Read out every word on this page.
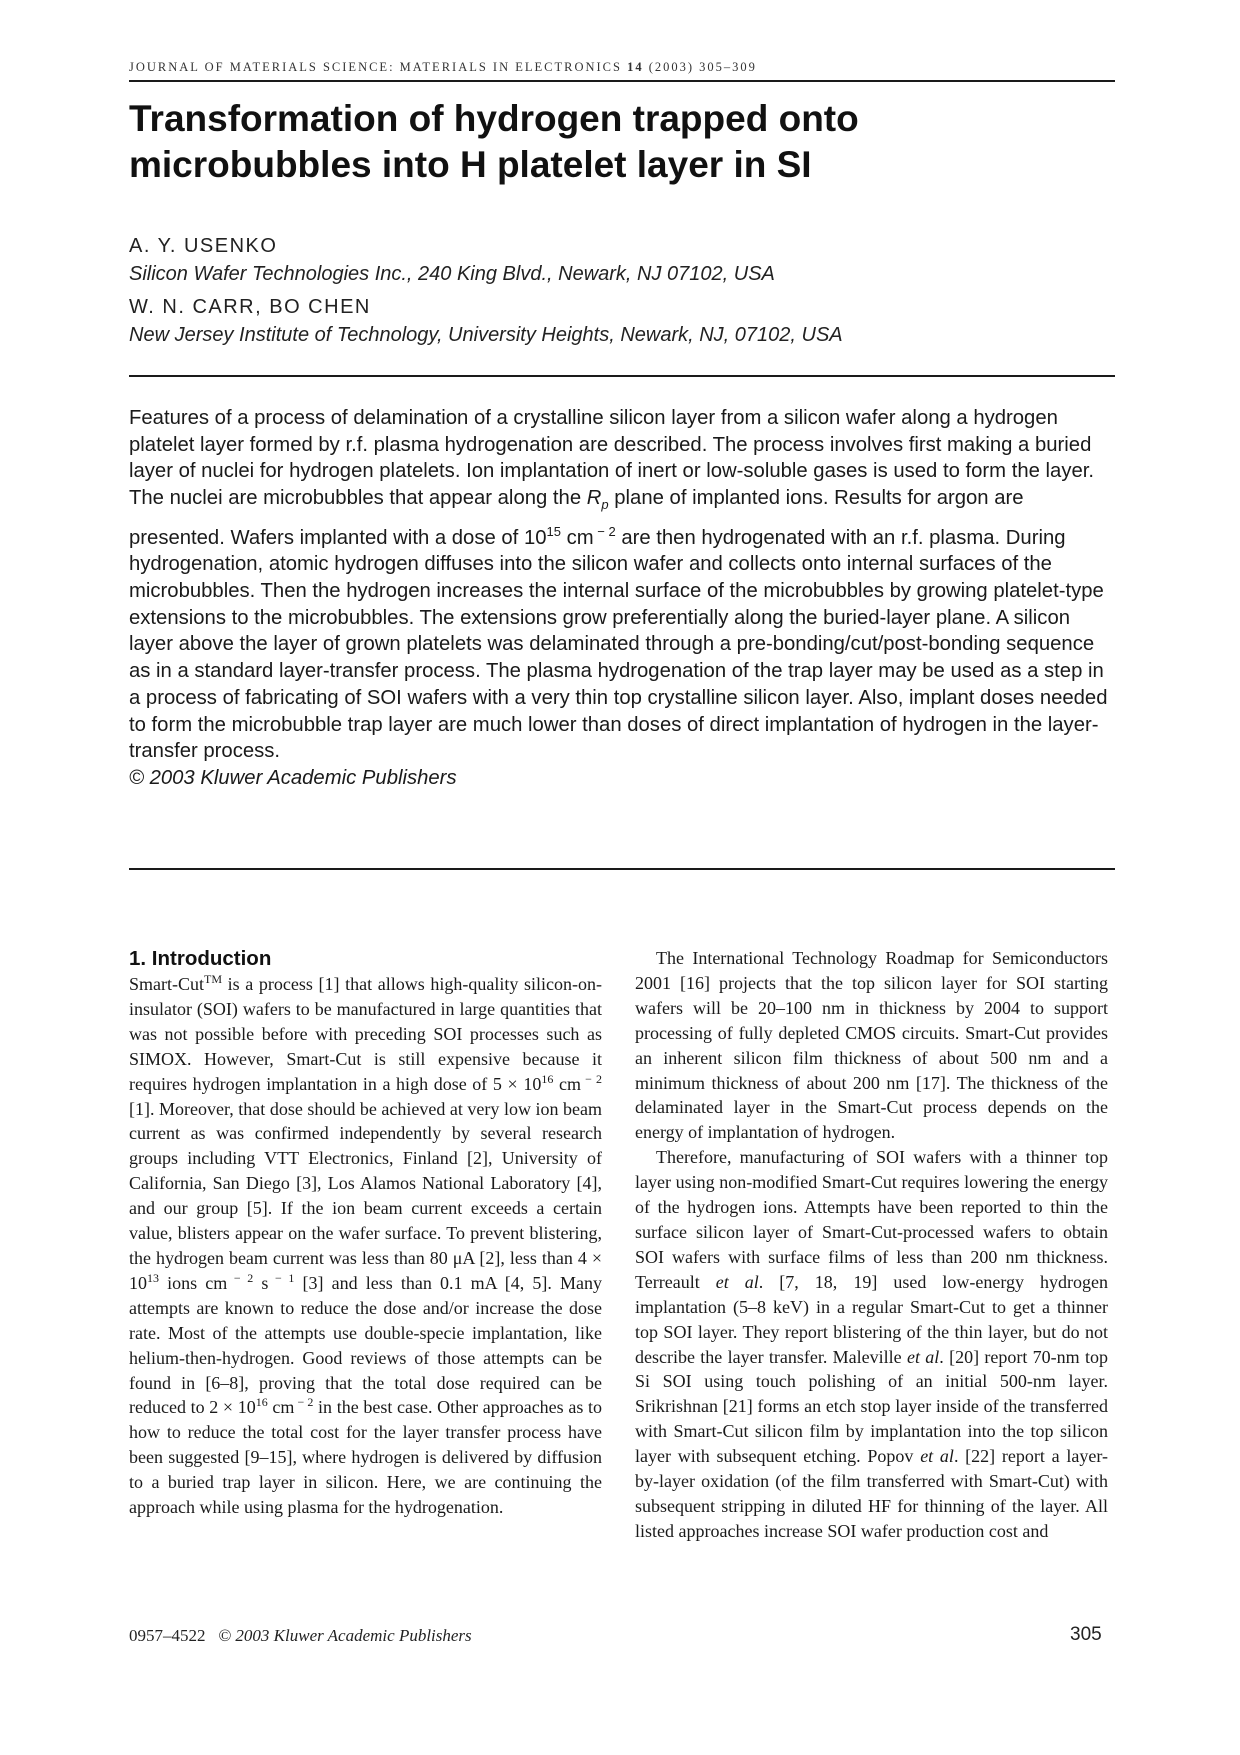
JOURNAL OF MATERIALS SCIENCE: MATERIALS IN ELECTRONICS 14 (2003) 305–309
Transformation of hydrogen trapped onto
microbubbles into H platelet layer in SI
A. Y. USENKO
Silicon Wafer Technologies Inc., 240 King Blvd., Newark, NJ 07102, USA
W. N. CARR, BO CHEN
New Jersey Institute of Technology, University Heights, Newark, NJ, 07102, USA
Features of a process of delamination of a crystalline silicon layer from a silicon wafer along a hydrogen platelet layer formed by r.f. plasma hydrogenation are described. The process involves first making a buried layer of nuclei for hydrogen platelets. Ion implantation of inert or low-soluble gases is used to form the layer. The nuclei are microbubbles that appear along the $R_p$ plane of implanted ions. Results for argon are presented. Wafers implanted with a dose of $10^{15}$ cm $^{- 2}$ are then hydrogenated with an r.f. plasma. During hydrogenation, atomic hydrogen diffuses into the silicon wafer and collects onto internal surfaces of the microbubbles. Then the hydrogen increases the internal surface of the microbubbles by growing platelet-type extensions to the microbubbles. The extensions grow preferentially along the buried-layer plane. A silicon layer above the layer of grown platelets was delaminated through a pre-bonding/cut/post-bonding sequence as in a standard layer-transfer process. The plasma hydrogenation of the trap layer may be used as a step in a process of fabricating of SOI wafers with a very thin top crystalline silicon layer. Also, implant doses needed to form the microbubble trap layer are much lower than doses of direct implantation of hydrogen in the layer-transfer process.
© 2003 Kluwer Academic Publishers
1. Introduction

Smart-Cut™ is a process [1] that allows high-quality silicon-on-insulator (SOI) wafers to be manufactured in large quantities that was not possible before with preceding SOI processes such as SIMOX. However, Smart-Cut is still expensive because it requires hydrogen implantation in a high dose of $5 \times 10^{16}$ cm $^{- 2}$ [1]. Moreover, that dose should be achieved at very low ion beam current as was confirmed independently by several research groups including VTT Electronics, Finland [2], University of California, San Diego [3], Los Alamos National Laboratory [4], and our group [5]. If the ion beam current exceeds a certain value, blisters appear on the wafer surface. To prevent blistering, the hydrogen beam current was less than 80 μA [2], less than $4 \times 10^{13}$ ions cm $^{- 2}$ s $^{- 1}$ [3] and less than 0.1 mA [4, 5]. Many attempts are known to reduce the dose and/or increase the dose rate. Most of the attempts use double-specie implantation, like helium-then-hydrogen. Good reviews of those attempts can be found in [6–8], proving that the total dose required can be reduced to $2 \times 10^{16}$ cm $^{- 2}$ in the best case. Other approaches as to how to reduce the total cost for the layer transfer process have been suggested [9–15], where hydrogen is delivered by diffusion to a buried trap layer in silicon. Here, we are continuing the approach while using plasma for the hydrogenation.

The International Technology Roadmap for Semiconductors 2001 [16] projects that the top silicon layer for SOI starting wafers will be 20–100 nm in thickness by 2004 to support processing of fully depleted CMOS circuits. Smart-Cut provides an inherent silicon film thickness of about 500 nm and a minimum thickness of about 200 nm [17]. The thickness of the delaminated layer in the Smart-Cut process depends on the energy of implantation of hydrogen.

Therefore, manufacturing of SOI wafers with a thinner top layer using non-modified Smart-Cut requires lowering the energy of the hydrogen ions. Attempts have been reported to thin the surface silicon layer of Smart-Cut-processed wafers to obtain SOI wafers with surface films of less than 200 nm thickness. Terreault et al. [7, 18, 19] used low-energy hydrogen implantation (5–8 keV) in a regular Smart-Cut to get a thinner top SOI layer. They report blistering of the thin layer, but do not describe the layer transfer. Maleville et al. [20] report 70-nm top Si SOI using touch polishing of an initial 500-nm layer. Srikrishnan [21] forms an etch stop layer inside of the transferred with Smart-Cut silicon film by implantation into the top silicon layer with subsequent etching. Popov et al. [22] report a layer-by-layer oxidation (of the film transferred with Smart-Cut) with subsequent stripping in diluted HF for thinning of the layer. All listed approaches increase SOI wafer production cost and

0957–4522 © 2003 Kluwer Academic Publishers	305
